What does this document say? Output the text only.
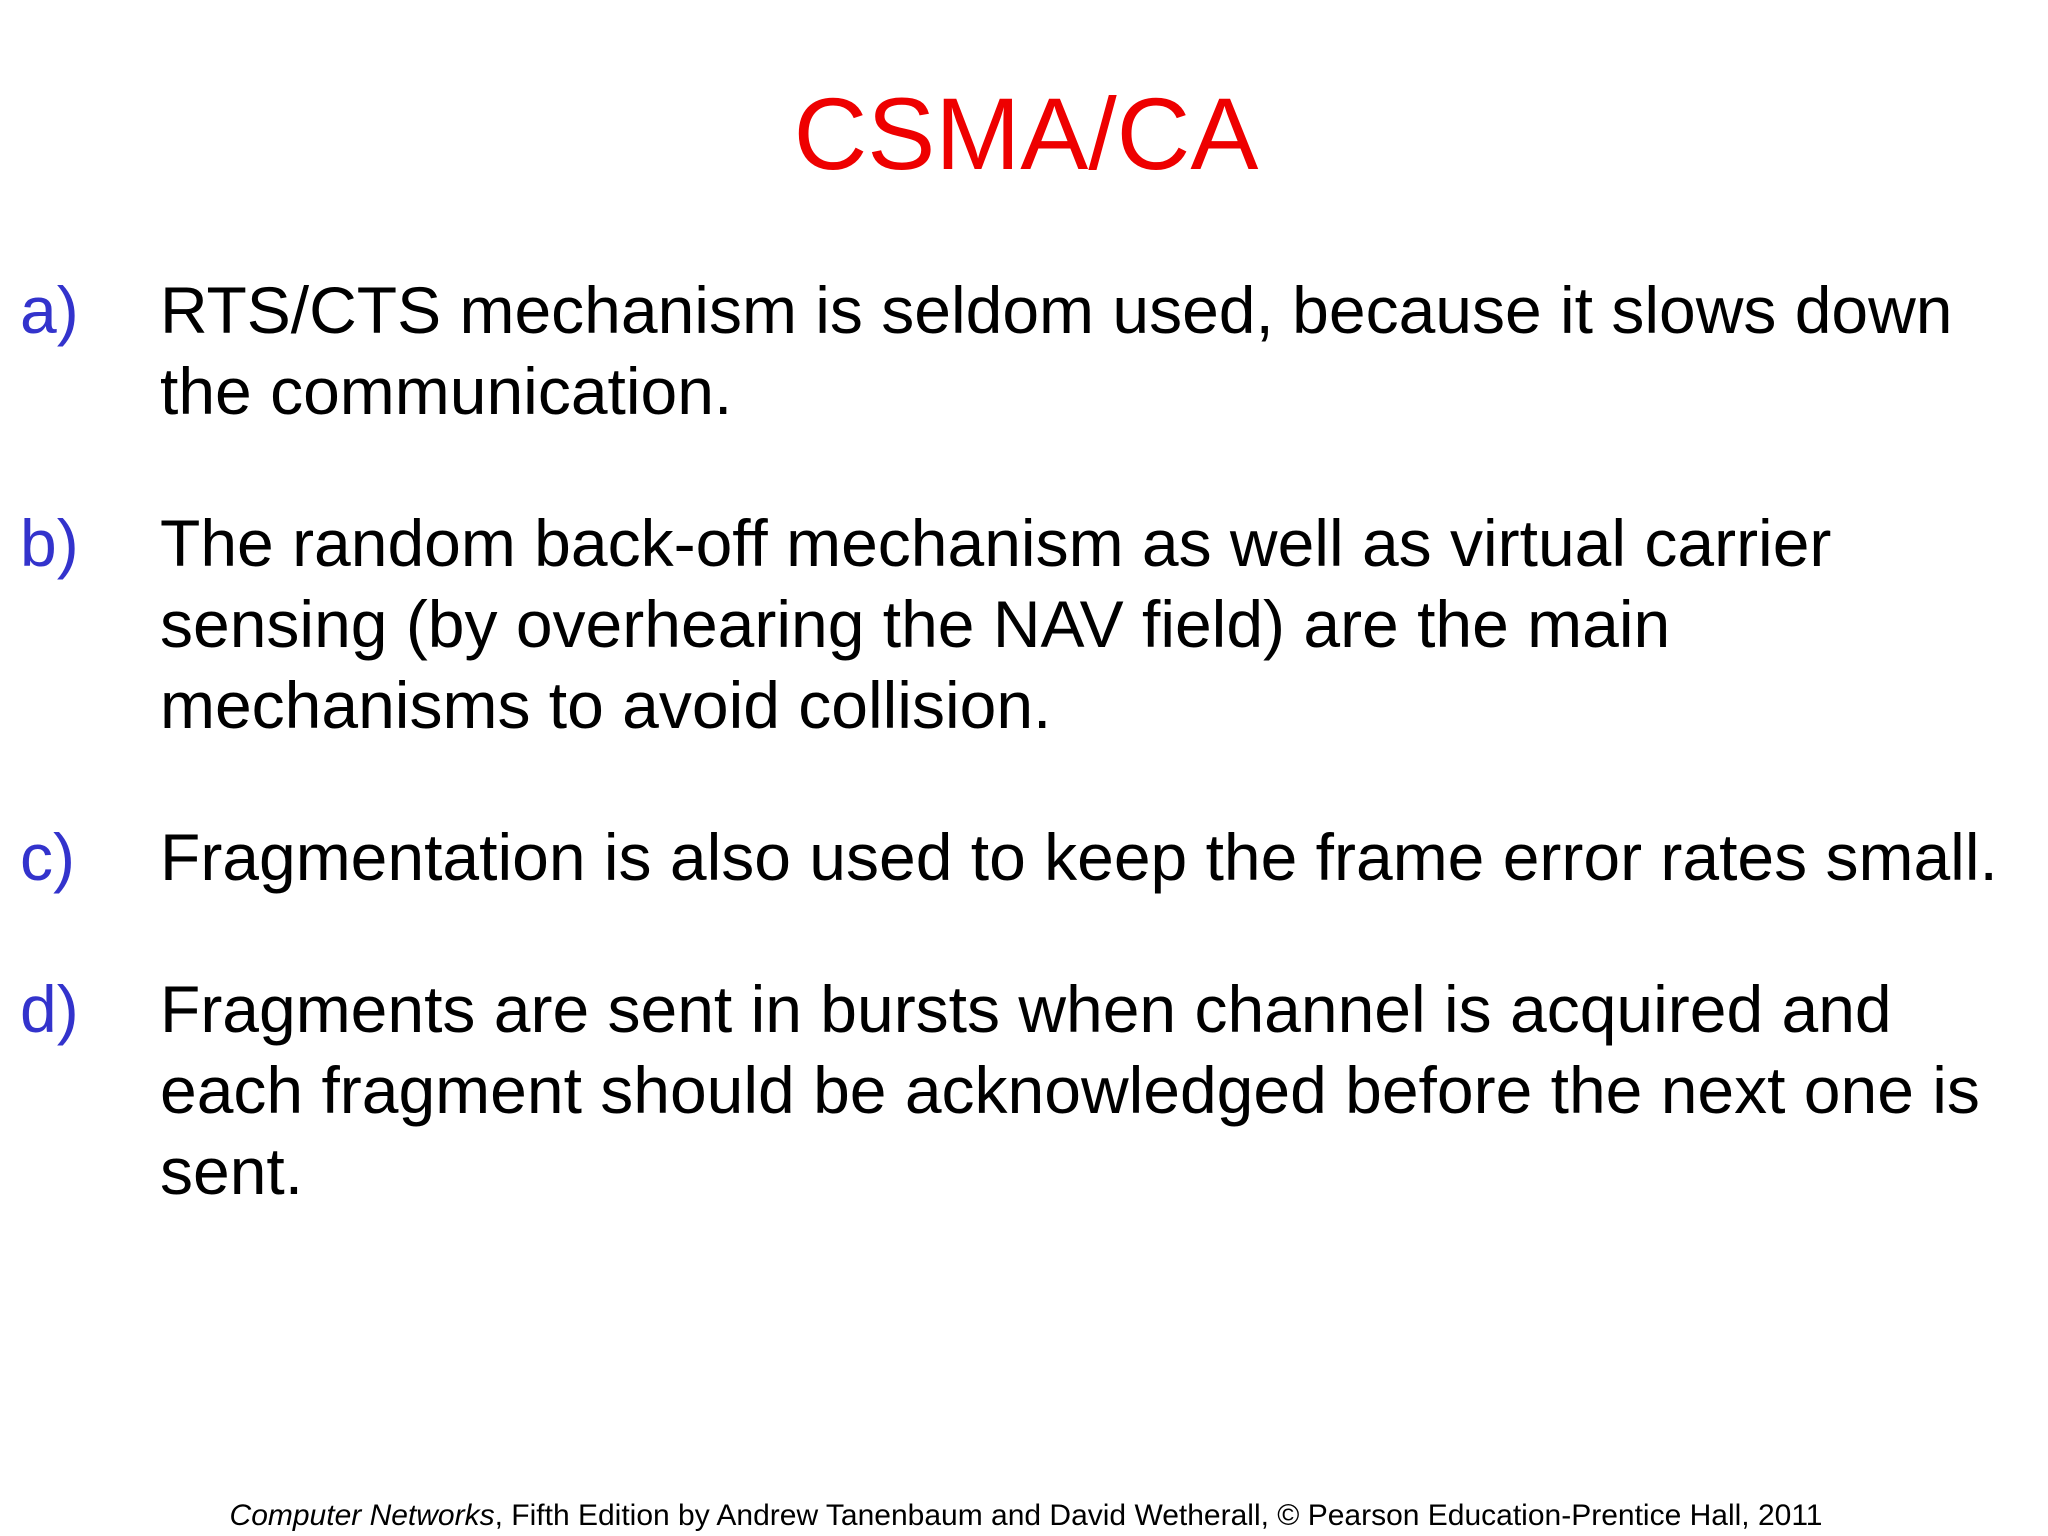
CSMA/CA
a)	RTS/CTS mechanism is seldom used, because it slows down the communication.
b)	The random back-off mechanism as well as virtual carrier sensing (by overhearing the NAV field) are the main mechanisms to avoid collision.
c)	Fragmentation is also used to keep the frame error rates small.
d)	Fragments are sent in bursts when channel is acquired and each fragment should be acknowledged before the next one is sent.
Computer Networks, Fifth Edition by Andrew Tanenbaum and David Wetherall, © Pearson Education-Prentice Hall, 2011
